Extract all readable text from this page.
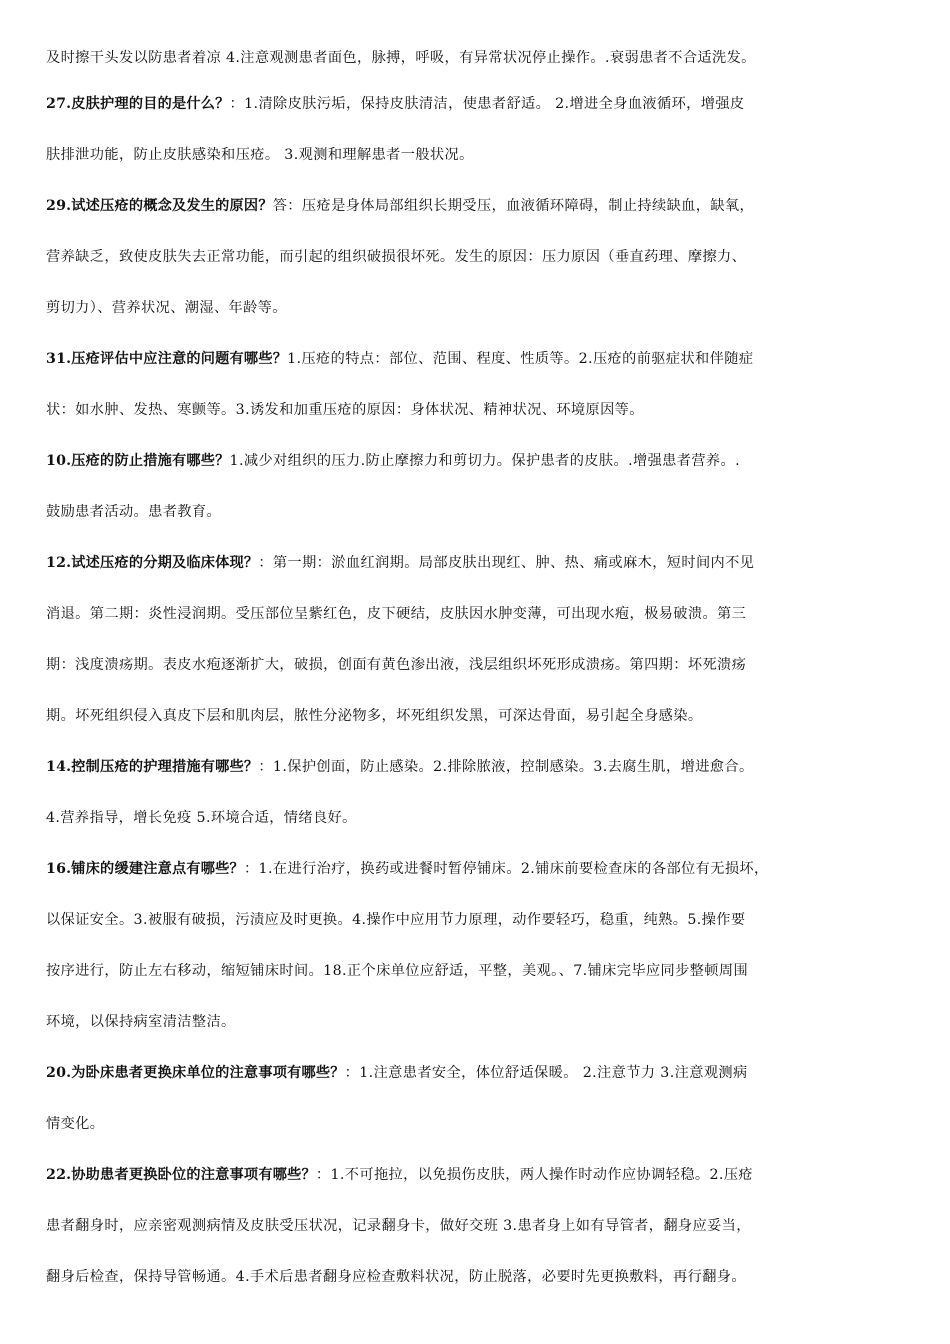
及时擦干头发以防患者着凉 4.注意观测患者面色，脉搏，呼吸，有异常状况停止操作。.衰弱患者不合适洗发。
27.皮肤护理的目的是什么？：1.清除皮肤污垢，保持皮肤清洁，使患者舒适。 2.增进全身血液循环，增强皮
肤排泄功能，防止皮肤感染和压疮。 3.观测和理解患者一般状况。
29.试述压疮的概念及发生的原因？答：压疮是身体局部组织长期受压，血液循环障碍，制止持续缺血，缺氧，
营养缺乏，致使皮肤失去正常功能，而引起的组织破损很坏死。发生的原因：压力原因（垂直药理、摩擦力、
剪切力）、营养状况、潮湿、年龄等。
31.压疮评估中应注意的问题有哪些？1.压疮的特点：部位、范围、程度、性质等。2.压疮的前驱症状和伴随症
状：如水肿、发热、寒颤等。3.诱发和加重压疮的原因：身体状况、精神状况、环境原因等。
10.压疮的防止措施有哪些？1.减少对组织的压力.防止摩擦力和剪切力。保护患者的皮肤。.增强患者营养。.
鼓励患者活动。患者教育。
12.试述压疮的分期及临床体现？：第一期：淤血红润期。局部皮肤出现红、肿、热、痛或麻木，短时间内不见
消退。第二期：炎性浸润期。受压部位呈紫红色，皮下硬结，皮肤因水肿变薄，可出现水疱，极易破溃。第三
期：浅度溃疡期。表皮水疱逐渐扩大，破损，创面有黄色渗出液，浅层组织坏死形成溃疡。第四期：坏死溃疡
期。坏死组织侵入真皮下层和肌肉层，脓性分泌物多，坏死组织发黑，可深达骨面，易引起全身感染。
14.控制压疮的护理措施有哪些？：1.保护创面，防止感染。2.排除脓液，控制感染。3.去腐生肌，增进愈合。
4.营养指导，增长免疫 5.环境合适，情绪良好。
16.铺床的缓建注意点有哪些？：1.在进行治疗，换药或进餐时暂停铺床。2.铺床前要检查床的各部位有无损坏，
以保证安全。3.被服有破损，污渍应及时更换。4.操作中应用节力原理，动作要轻巧，稳重，纯熟。5.操作要
按序进行，防止左右移动，缩短铺床时间。18.正个床单位应舒适，平整，美观。、7.铺床完毕应同步整顿周围
环境，以保持病室清洁整洁。
20.为卧床患者更换床单位的注意事项有哪些？：1.注意患者安全，体位舒适保暖。 2.注意节力 3.注意观测病
情变化。
22.协助患者更换卧位的注意事项有哪些？：1.不可拖拉，以免损伤皮肤，两人操作时动作应协调轻稳。2.压疮
患者翻身时，应亲密观测病情及皮肤受压状况，记录翻身卡，做好交班 3.患者身上如有导管者，翻身应妥当，
翻身后检查，保持导管畅通。4.手术后患者翻身应检查敷料状况，防止脱落，必要时先更换敷料，再行翻身。
